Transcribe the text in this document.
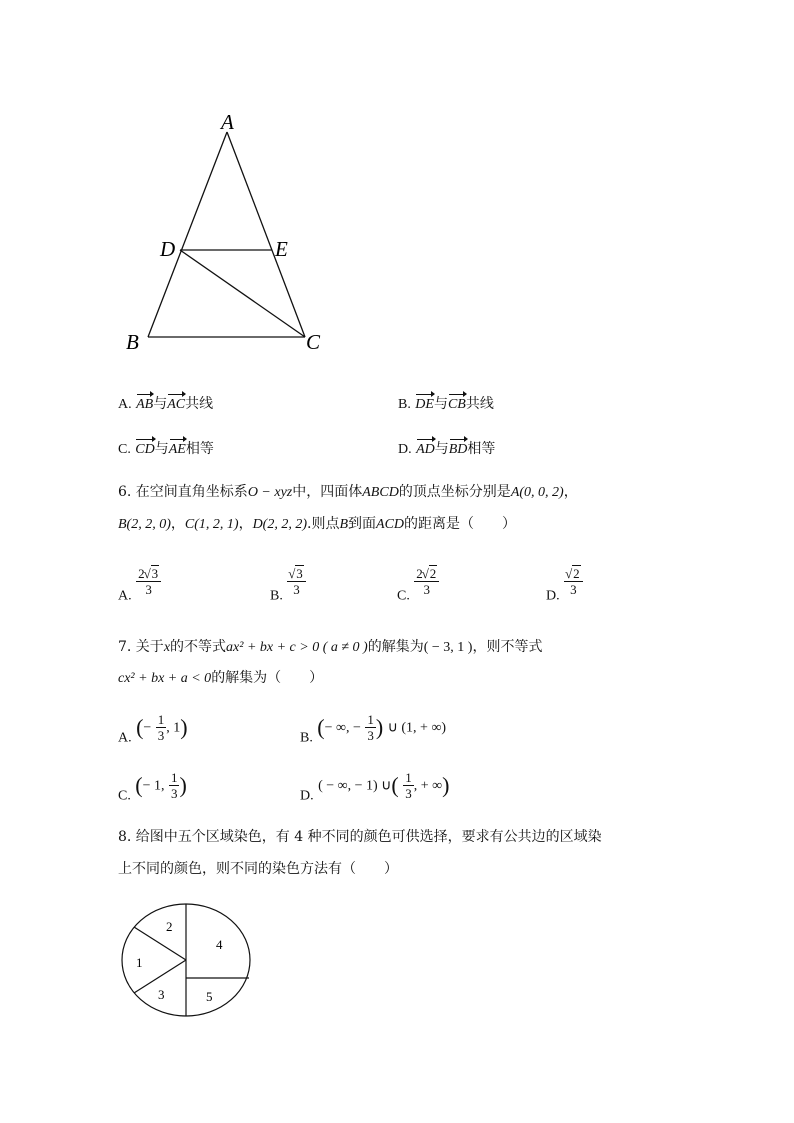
A
D	E
B	C
A. AB与AC共线	B. DE与CB共线
C. CD与AE相等	D. AD与BD相等
6. 在空间直角坐标系O − xyz中，四面体ABCD的顶点坐标分别是A(0, 0, 2)，
B(2, 2, 0)，C(1, 2, 1)，D(2, 2, 2).则点B到面ACD的距离是（　　）
A. $\frac{2 √ 3}{3}$	B. $\frac{√ 3}{3}$	C. $\frac{2 √ 2}{3}$	D. $\frac{√ 2}{3}$
7. 关于x的不等式ax² + bx + c > 0 ( a ≠ 0 )的解集为( − 3, 1 )，则不等式
cx² + bx + a < 0的解集为（　　）
A. (− $\frac{1}{3}$ , 1)	B. (− ∞, − $\frac{1}{3}$ ) ∪ (1, + ∞)
C. (− 1, $\frac{1}{3}$ )	D. ( − ∞, − 1) ∪( $\frac{1}{3}$ , + ∞)
8. 给图中五个区域染色，有 4 种不同的颜色可供选择，要求有公共边的区域染
上不同的颜色，则不同的染色方法有（　　）
1
2
3
4
5
